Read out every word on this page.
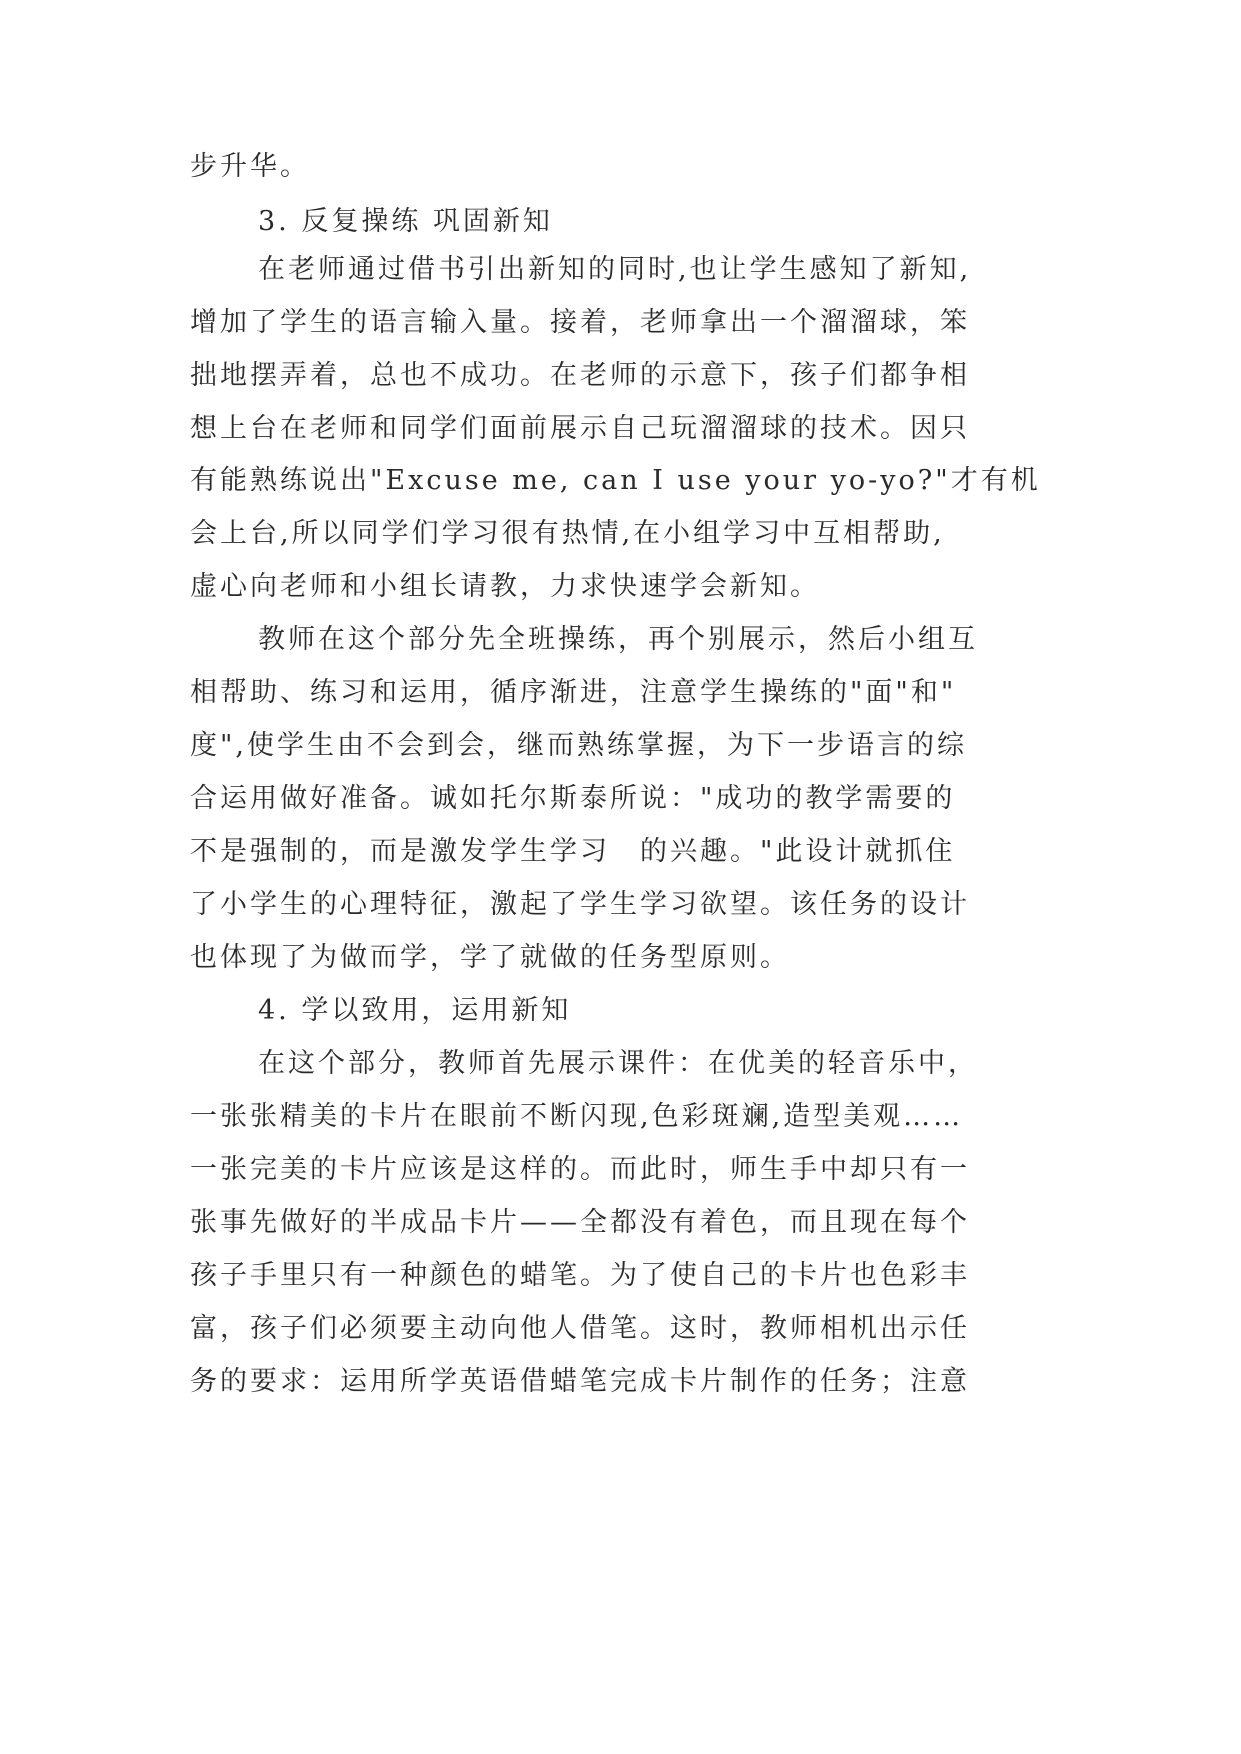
步升华。
3. 反复操练 巩固新知
在老师通过借书引出新知的同时,也让学生感知了新知,
增加了学生的语言输入量。接着，老师拿出一个溜溜球，笨
拙地摆弄着，总也不成功。在老师的示意下，孩子们都争相
想上台在老师和同学们面前展示自己玩溜溜球的技术。因只
有能熟练说出"Excuse me, can I use your yo-yo?"才有机
会上台,所以同学们学习很有热情,在小组学习中互相帮助,
虚心向老师和小组长请教，力求快速学会新知。
教师在这个部分先全班操练，再个别展示，然后小组互
相帮助、练习和运用，循序渐进，注意学生操练的"面"和"
度",使学生由不会到会，继而熟练掌握，为下一步语言的综
合运用做好准备。诚如托尔斯泰所说："成功的教学需要的
不是强制的，而是激发学生学习　的兴趣。"此设计就抓住
了小学生的心理特征，激起了学生学习欲望。该任务的设计
也体现了为做而学，学了就做的任务型原则。
4. 学以致用，运用新知
在这个部分，教师首先展示课件：在优美的轻音乐中，
一张张精美的卡片在眼前不断闪现,色彩斑斓,造型美观……
一张完美的卡片应该是这样的。而此时，师生手中却只有一
张事先做好的半成品卡片——全都没有着色，而且现在每个
孩子手里只有一种颜色的蜡笔。为了使自己的卡片也色彩丰
富，孩子们必须要主动向他人借笔。这时，教师相机出示任
务的要求：运用所学英语借蜡笔完成卡片制作的任务；注意
